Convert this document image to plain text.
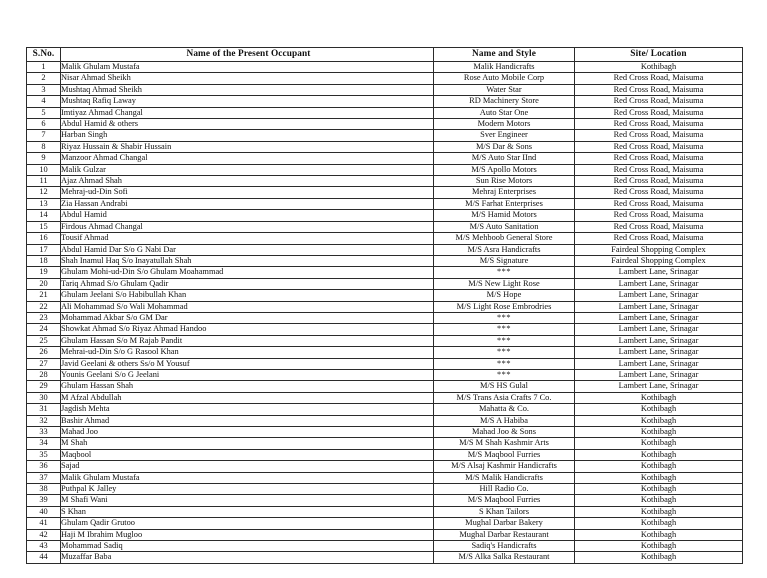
S.No.	Name of the Present Occupant	Name and Style	Site/ Location
1	Malik Ghulam Mustafa	Malik Handicrafts	Kothibagh
2	Nisar Ahmad Sheikh	Rose Auto Mobile Corp	Red Cross Road, Maisuma
3	Mushtaq Ahmad Sheikh	Water Star	Red Cross Road, Maisuma
4	Mushtaq Rafiq Laway	RD Machinery Store	Red Cross Road, Maisuma
5	Imtiyaz Ahmad Changal	Auto Star One	Red Cross Road, Maisuma
6	Abdul Hamid & others	Modern Motors	Red Cross Road, Maisuma
7	Harban Singh	Sver Engineer	Red Cross Road, Maisuma
8	Riyaz Hussain & Shabir Hussain	M/S Dar & Sons	Red Cross Road, Maisuma
9	Manzoor Ahmad Changal	M/S Auto Star IInd	Red Cross Road, Maisuma
10	Malik Gulzar	M/S Apollo Motors	Red Cross Road, Maisuma
11	Ajaz Ahmad Shah	Sun Rise Motors	Red Cross Road, Maisuma
12	Mehraj-ud-Din Sofi	Mehraj Enterprises	Red Cross Road, Maisuma
13	Zia Hassan Andrabi	M/S Farhat Enterprises	Red Cross Road, Maisuma
14	Abdul Hamid	M/S Hamid Motors	Red Cross Road, Maisuma
15	Firdous Ahmad Changal	M/S Auto Sanitation	Red Cross Road, Maisuma
16	Tousif Ahmad	M/S Mehboob General Store	Red Cross Road, Maisuma
17	Abdul Hamid Dar S/o G Nabi Dar	M/S Asra Handicrafts	Fairdeal Shopping Complex
18	Shah Inamul Haq S/o Inayatullah Shah	M/S Signature	Fairdeal Shopping Complex
19	Ghulam Mohi-ud-Din S/o Ghulam Moahammad	***	Lambert Lane, Srinagar
20	Tariq Ahmad S/o Ghulam Qadir	M/S New Light Rose	Lambert Lane, Srinagar
21	Ghulam Jeelani S/o Habibullah Khan	M/S Hope	Lambert Lane, Srinagar
22	Ali Mohammad S/o Wali Mohammad	M/S Light Rose Embrodries	Lambert Lane, Srinagar
23	Mohammad Akbar S/o GM Dar	***	Lambert Lane, Srinagar
24	Showkat Ahmad S/o Riyaz Ahmad Handoo	***	Lambert Lane, Srinagar
25	Ghulam Hassan S/o M Rajab Pandit	***	Lambert Lane, Srinagar
26	Mehrai-ud-Din S/o G Rasool Khan	***	Lambert Lane, Srinagar
27	Javid Geelani & others Ss/o M Yousuf	***	Lambert Lane, Srinagar
28	Younis Geelani S/o G Jeelani	***	Lambert Lane, Srinagar
29	Ghulam Hassan Shah	M/S HS Gulal	Lambert Lane, Srinagar
30	M Afzal Abdullah	M/S Trans Asia Crafts 7 Co.	Kothibagh
31	Jagdish Mehta	Mahatta & Co.	Kothibagh
32	Bashir Ahmad	M/S A Habiba	Kothibagh
33	Mahad Joo	Mahad Joo & Sons	Kothibagh
34	M Shah	M/S M Shah Kashmir Arts	Kothibagh
35	Maqbool	M/S Maqbool Furries	Kothibagh
36	Sajad	M/S Alsaj Kashmir Handicrafts	Kothibagh
37	Malik Ghulam Mustafa	M/S Malik Handicrafts	Kothibagh
38	Puthpal K Jalley	Hill Radio Co.	Kothibagh
39	M Shafi Wani	M/S Maqbool Furries	Kothibagh
40	S Khan	S Khan Tailors	Kothibagh
41	Ghulam Qadir Grutoo	Mughal Darbar Bakery	Kothibagh
42	Haji M Ibrahim Mugloo	Mughal Darbar Restaurant	Kothibagh
43	Mohammad Sadiq	Sadiq's Handicrafts	Kothibagh
44	Muzaffar Baba	M/S Alka Salka Restaurant	Kothibagh
